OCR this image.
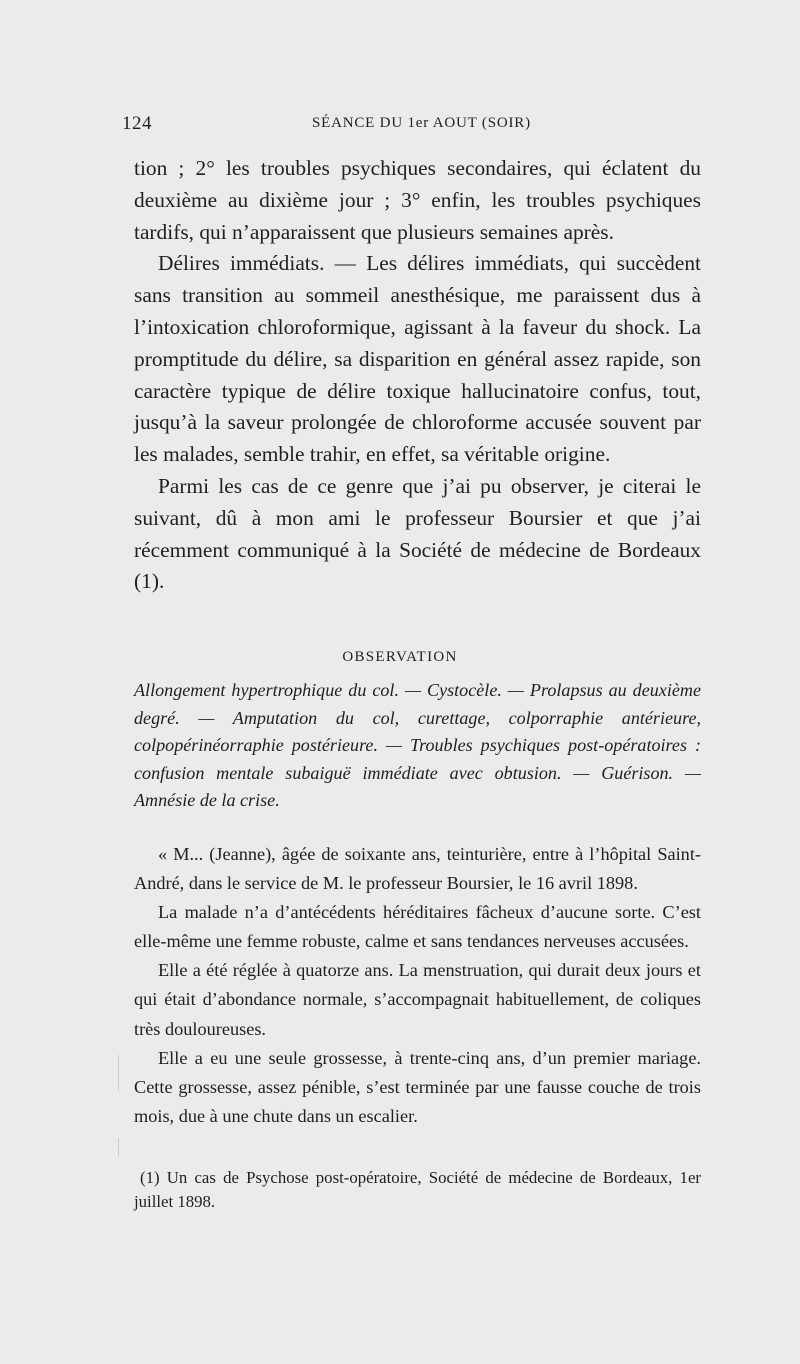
124	SÉANCE DU 1er AOUT (SOIR)

tion ; 2° les troubles psychiques secondaires, qui éclatent du deuxième au dixième jour ; 3° enfin, les troubles psychiques tardifs, qui n’apparaissent que plusieurs semaines après.

Délires immédiats. — Les délires immédiats, qui succèdent sans transition au sommeil anesthésique, me paraissent dus à l’intoxication chloroformique, agissant à la faveur du shock. La promptitude du délire, sa disparition en général assez rapide, son caractère typique de délire toxique hallucinatoire confus, tout, jusqu’à la saveur prolongée de chloroforme accusée souvent par les malades, semble trahir, en effet, sa véritable origine.

Parmi les cas de ce genre que j’ai pu observer, je citerai le suivant, dû à mon ami le professeur Boursier et que j’ai récemment communiqué à la Société de médecine de Bordeaux (1).

OBSERVATION

Allongement hypertrophique du col. — Cystocèle. — Prolapsus au deuxième degré. — Amputation du col, curettage, colporraphie antérieure, colpopérinéorraphie postérieure. — Troubles psychiques post-opératoires : confusion mentale subaiguë immédiate avec obtusion. — Guérison. — Amnésie de la crise.

« M... (Jeanne), âgée de soixante ans, teinturière, entre à l’hôpital Saint-André, dans le service de M. le professeur Boursier, le 16 avril 1898.

La malade n’a d’antécédents héréditaires fâcheux d’aucune sorte. C’est elle-même une femme robuste, calme et sans tendances nerveuses accusées.

Elle a été réglée à quatorze ans. La menstruation, qui durait deux jours et qui était d’abondance normale, s’accompagnait habituellement, de coliques très douloureuses.

Elle a eu une seule grossesse, à trente-cinq ans, d’un premier mariage. Cette grossesse, assez pénible, s’est terminée par une fausse couche de trois mois, due à une chute dans un escalier.

(1) Un cas de Psychose post-opératoire, Société de médecine de Bordeaux, 1er juillet 1898.
